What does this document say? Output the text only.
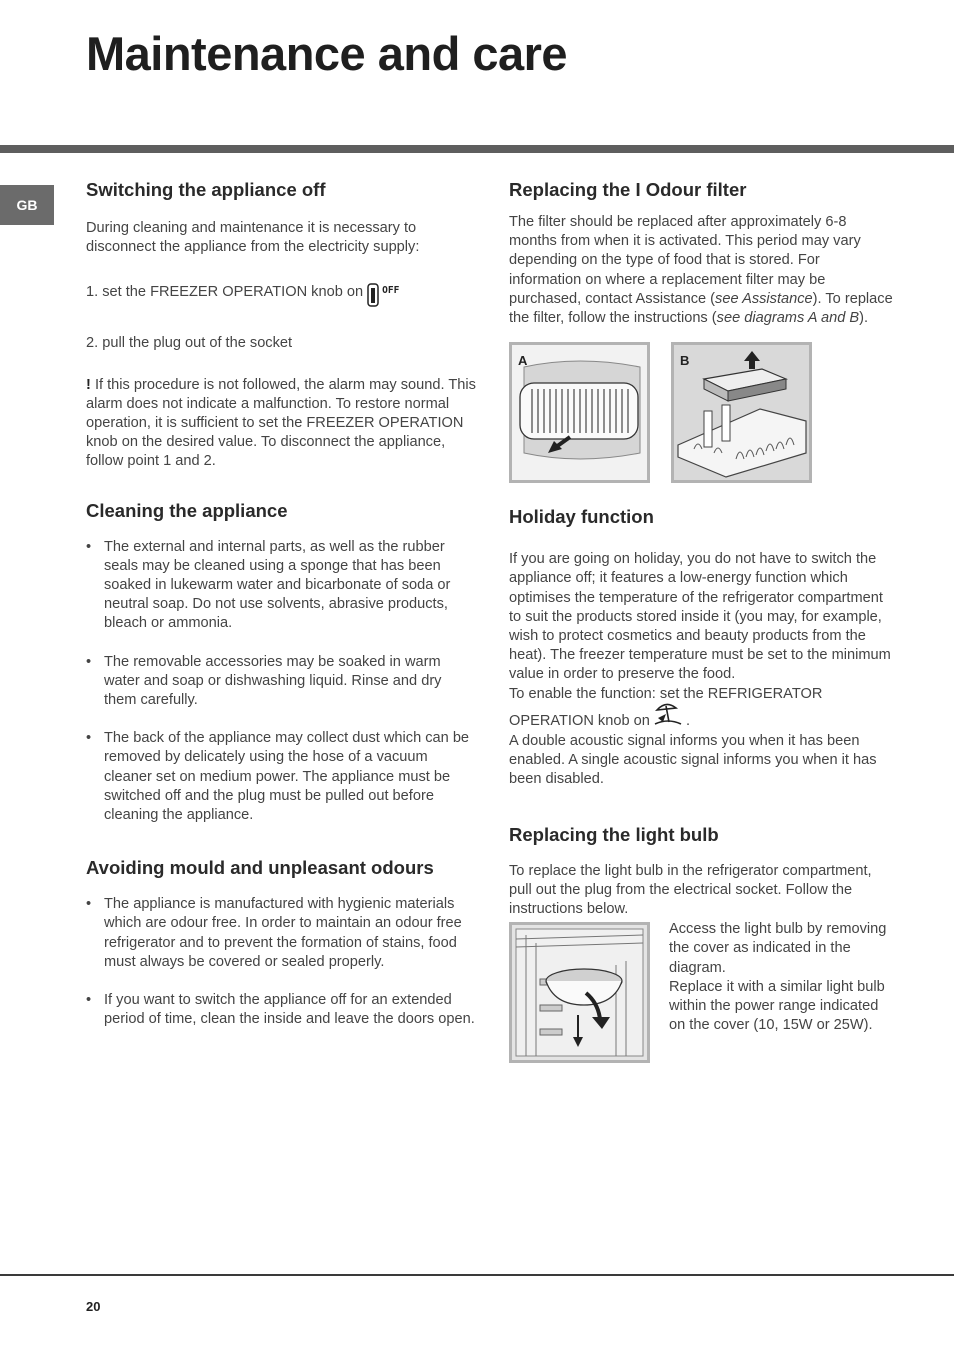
Maintenance and care
GB
Switching the appliance off

During cleaning and maintenance it is necessary to disconnect the appliance from the electricity supply:

1. set the FREEZER OPERATION knob on OFF

2. pull the plug out of the socket

! If this procedure is not followed, the alarm may sound. This alarm does not indicate a malfunction. To restore normal operation, it is sufficient to set the FREEZER OPERATION knob on the desired value. To disconnect the appliance, follow point 1 and 2.

Cleaning the appliance
• The external and internal parts, as well as the rubber seals may be cleaned using a sponge that has been soaked in lukewarm water and bicarbonate of soda or neutral soap. Do not use solvents, abrasive products, bleach or ammonia.
• The removable accessories may be soaked in warm water and soap or dishwashing liquid. Rinse and dry them carefully.
• The back of the appliance may collect dust which can be removed by delicately using the hose of a vacuum cleaner set on medium power. The appliance must be switched off and the plug must be pulled out before cleaning the appliance.
Avoiding mould and unpleasant odours
• The appliance is manufactured with hygienic materials which are odour free. In order to maintain an odour free refrigerator and to prevent the formation of stains, food must always be covered or sealed properly.
• If you want to switch the appliance off for an extended period of time, clean the inside and leave the doors open.
Replacing the I Odour filter

The filter should be replaced after approximately 6-8 months from when it is activated. This period may vary depending on the type of food that is stored. For information on where a replacement filter may be purchased, contact Assistance (see Assistance). To replace the filter, follow the instructions (see diagrams A and B).

A	B
Holiday function

If you are going on holiday, you do not have to switch the appliance off; it features a low-energy function which optimises the temperature of the refrigerator compartment to suit the products stored inside it (you may, for example, wish to protect cosmetics and beauty products from the heat). The freezer temperature must be set to the minimum value in order to preserve the food.

To enable the function: set the REFRIGERATOR

OPERATION knob on .

A double acoustic signal informs you when it has been enabled. A single acoustic signal informs you when it has been disabled.

Replacing the light bulb

To replace the light bulb in the refrigerator compartment, pull out the plug from the electrical socket. Follow the instructions below.

Access the light bulb by removing the cover as indicated in the diagram.

Replace it with a similar light bulb within the power range indicated on the cover (10, 15W or 25W).

20
